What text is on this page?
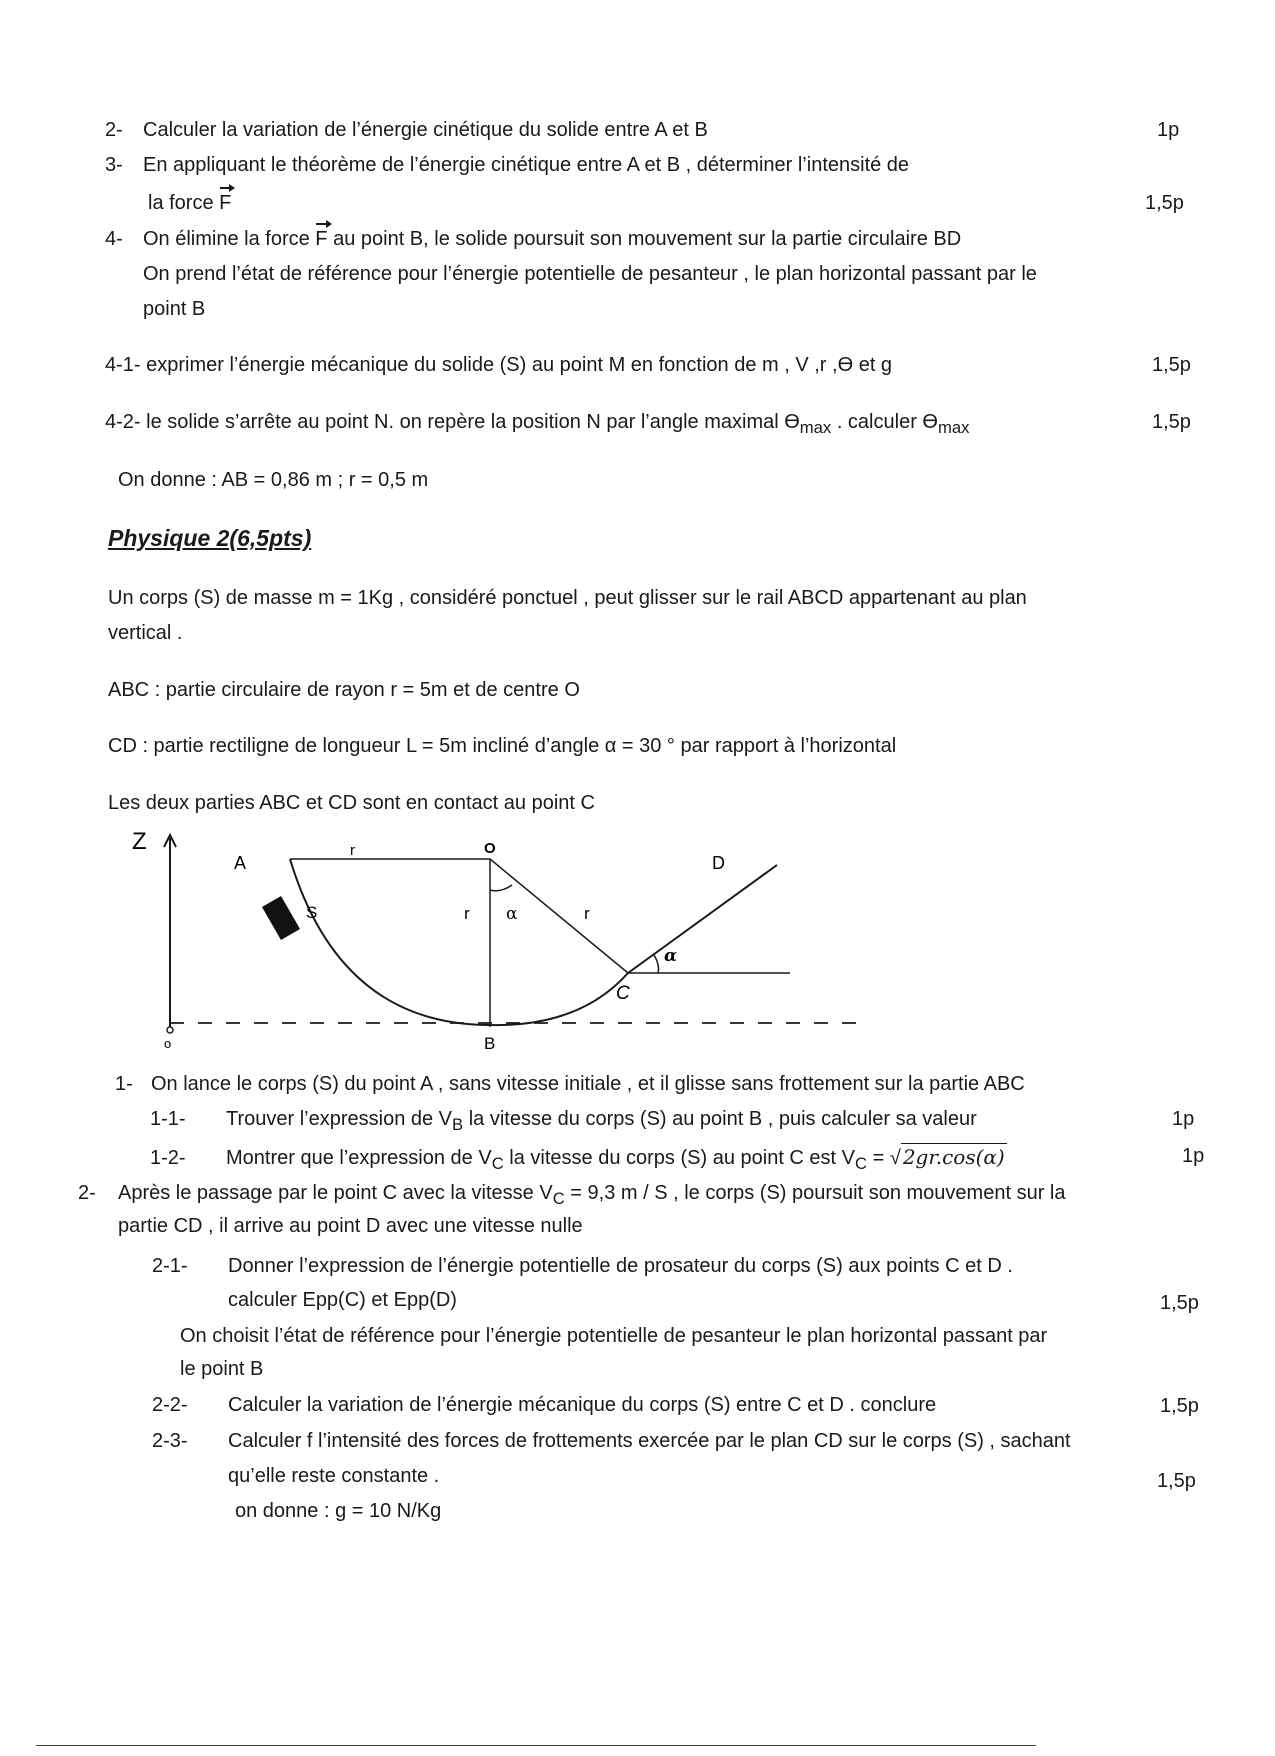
2- Calculer la variation de l’énergie cinétique du solide entre A et B	1p
3- En appliquant le théorème de l’énergie cinétique entre A et B , déterminer l’intensité de
la force F	1,5p
4- On élimine la force F au point B, le solide poursuit son mouvement sur la partie circulaire BD
On prend l’état de référence pour l’énergie potentielle de pesanteur , le plan horizontal passant par le
point B
4-1- exprimer l’énergie mécanique du solide (S) au point M en fonction de m , V ,r ,Ө et g	1,5p
4-2- le solide s’arrête au point N. on repère la position N par l’angle maximal $Ө_{max}$ . calculer $Ө_{max}$	1,5p
On donne : AB = 0,86 m ; r = 0,5 m
Physique 2(6,5pts)
Un corps (S) de masse m = 1Kg , considéré ponctuel , peut glisser sur le rail ABCD appartenant au plan
vertical .
ABC : partie circulaire de rayon r = 5m et de centre O
CD : partie rectiligne de longueur L = 5m incliné d’angle α = 30 ° par rapport à l’horizontal
Les deux parties ABC et CD sont en contact au point C
Z
o
A
O
D
r
S	r α	r
α
C
B
1- On lance le corps (S) du point A , sans vitesse initiale , et il glisse sans frottement sur la partie ABC
1-1- Trouver l’expression de $V_B$ la vitesse du corps (S) au point B , puis calculer sa valeur	1p
1-2- Montrer que l’expression de $V_C$ la vitesse du corps (S) au point C est $V_C$ = √ 2gr.cos(α)	1p
2- Après le passage par le point C avec la vitesse $V_C = 9,3$ m / S , le corps (S) poursuit son mouvement sur la
partie CD , il arrive au point D avec une vitesse nulle
2-1- Donner l’expression de l’énergie potentielle de prosateur du corps (S) aux points C et D .
calculer Epp(C) et Epp(D)	1,5p
On choisit l’état de référence pour l’énergie potentielle de pesanteur le plan horizontal passant par
le point B
2-2- Calculer la variation de l’énergie mécanique du corps (S) entre C et D . conclure	1,5p
2-3- Calculer f l’intensité des forces de frottements exercée par le plan CD sur le corps (S) , sachant
qu’elle reste constante .	1,5p
on donne : g = 10 N/Kg
